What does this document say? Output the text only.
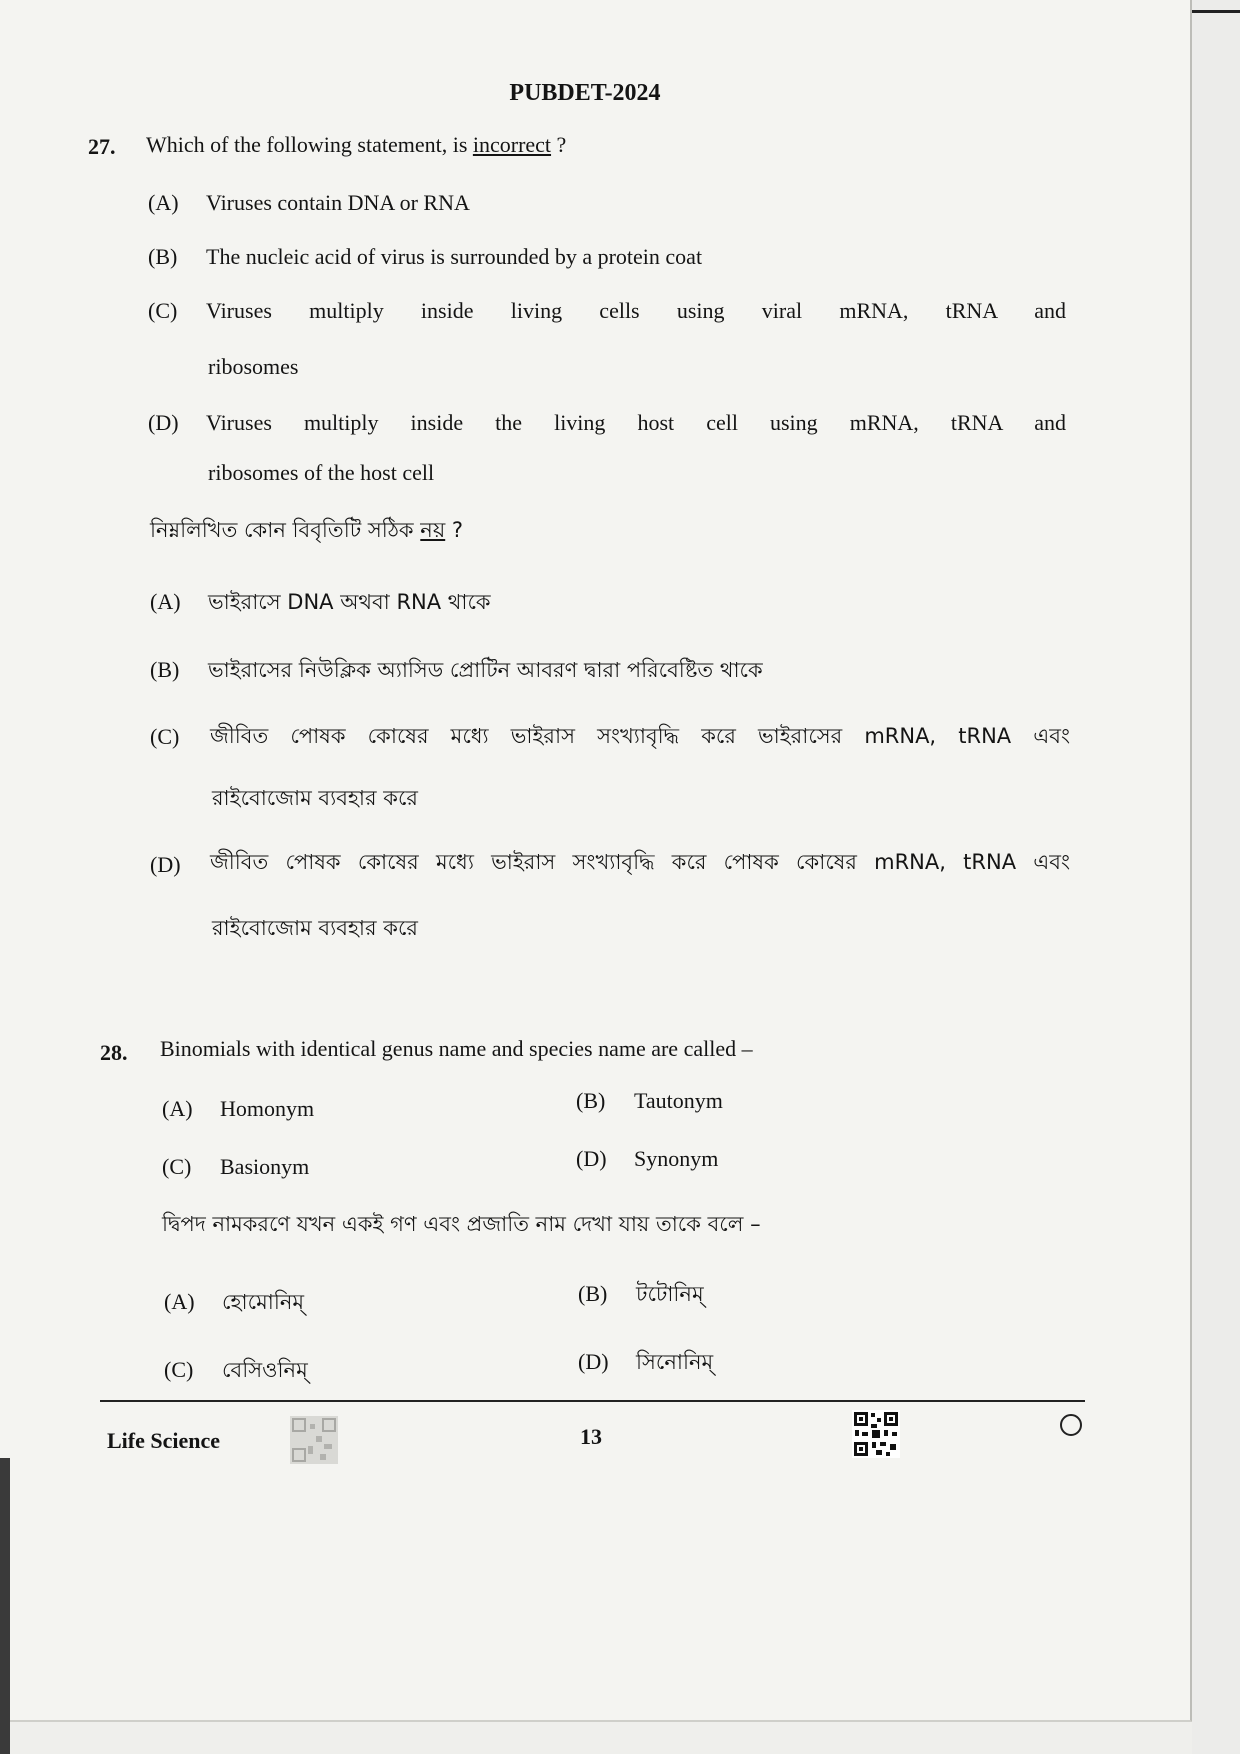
PUBDET-2024
27. Which of the following statement, is incorrect ?
(A) Viruses contain DNA or RNA
(B) The nucleic acid of virus is surrounded by a protein coat
(C)	Viruses multiply inside living cells using viral mRNA, tRNA and
ribosomes
(D)	Viruses multiply inside the living host cell using mRNA, tRNA and
ribosomes of the host cell
নিম্নলিখিত কোন বিবৃতিটি সঠিক নয় ?
(A) ভাইরাসে DNA অথবা RNA থাকে
(B) ভাইরাসের নিউক্লিক অ্যাসিড প্রোটিন আবরণ দ্বারা পরিবেষ্টিত থাকে
(C)	জীবিত পোষক কোষের মধ্যে ভাইরাস সংখ্যাবৃদ্ধি করে ভাইরাসের mRNA, tRNA এবং
রাইবোজোম ব্যবহার করে
(D)	জীবিত পোষক কোষের মধ্যে ভাইরাস সংখ্যাবৃদ্ধি করে পোষক কোষের mRNA, tRNA এবং
রাইবোজোম ব্যবহার করে
28. Binomials with identical genus name and species name are called –
(A) Homonym	(B) Tautonym
(C) Basionym	(D) Synonym
দ্বিপদ নামকরণে যখন একই গণ এবং প্রজাতি নাম দেখা যায় তাকে বলে –
(A) হোমোনিম্	(B) টটোনিম্
(C) বেসিওনিম্	(D) সিনোনিম্
Life Science	13
